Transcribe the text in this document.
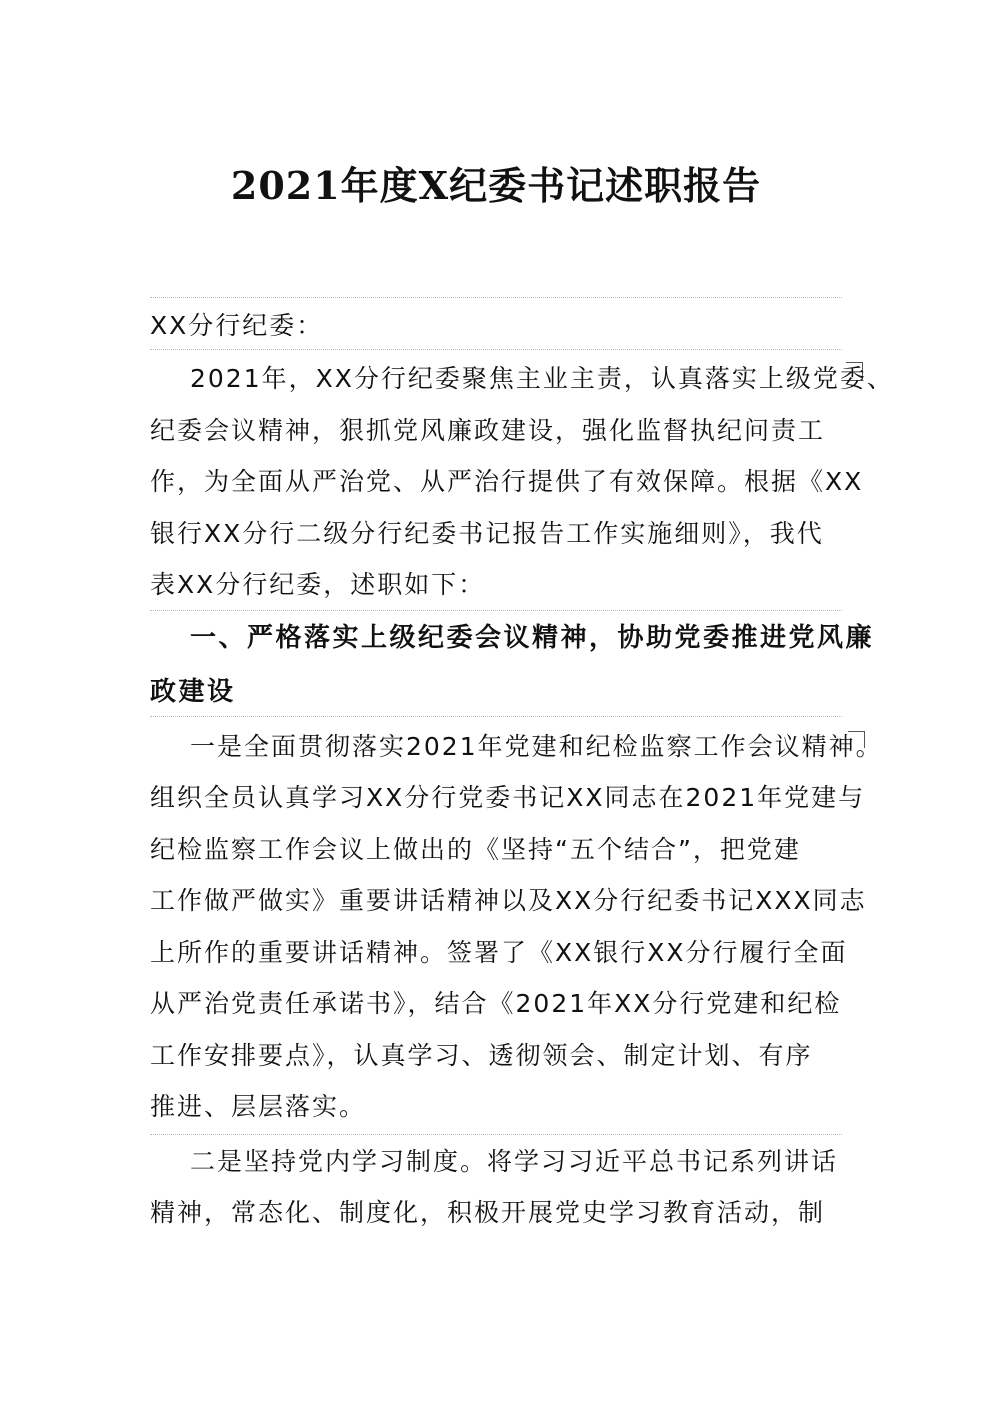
2021年度X纪委书记述职报告
XX分行纪委：
2021年，XX分行纪委聚焦主业主责，认真落实上级党委、
纪委会议精神，狠抓党风廉政建设，强化监督执纪问责工
作，为全面从严治党、从严治行提供了有效保障。根据《XX
银行XX分行二级分行纪委书记报告工作实施细则》，我代
表XX分行纪委，述职如下：
一、严格落实上级纪委会议精神，协助党委推进党风廉
政建设
一是全面贯彻落实2021年党建和纪检监察工作会议精神。
组织全员认真学习XX分行党委书记XX同志在2021年党建与
纪检监察工作会议上做出的《坚持“五个结合”，把党建
工作做严做实》重要讲话精神以及XX分行纪委书记XXX同志
上所作的重要讲话精神。签署了《XX银行XX分行履行全面
从严治党责任承诺书》，结合《2021年XX分行党建和纪检
工作安排要点》，认真学习、透彻领会、制定计划、有序
推进、层层落实。
二是坚持党内学习制度。将学习习近平总书记系列讲话
精神，常态化、制度化，积极开展党史学习教育活动，制
